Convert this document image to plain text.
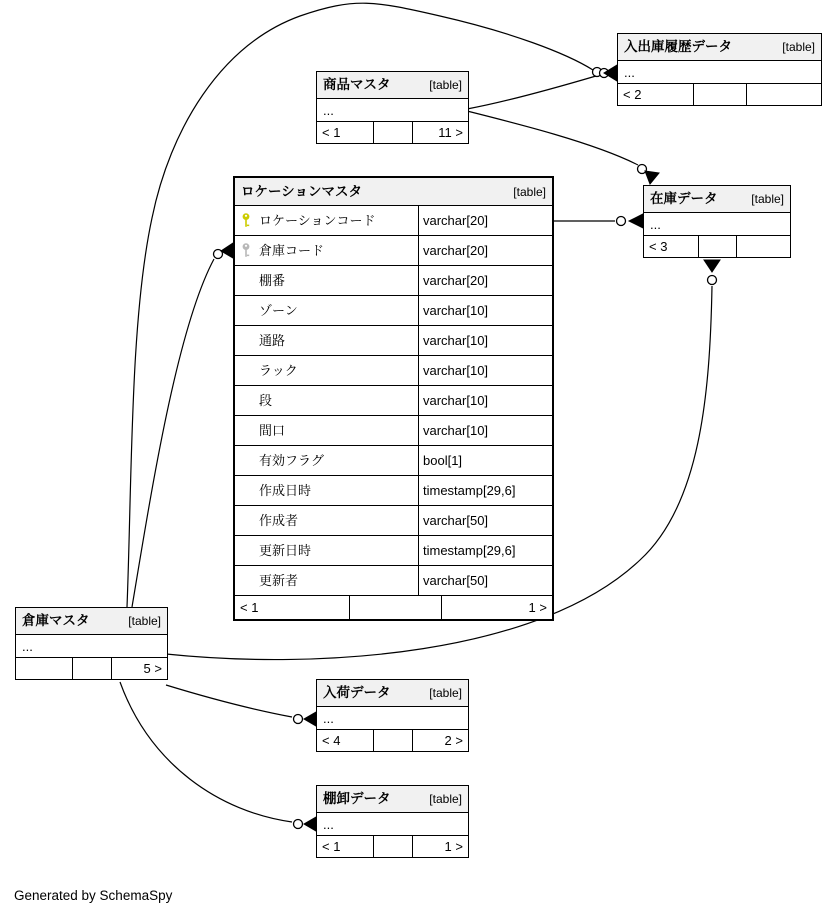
入出庫履歴データ	[table]
...
< 2
商品マスタ	[table]
...
< 1	11 >
在庫データ	[table]
...
< 3
ロケーションマスタ	[table]
ロケーションコード	varchar[20]
倉庫コード	varchar[20]
棚番	varchar[20]
ゾーン	varchar[10]
通路	varchar[10]
ラック	varchar[10]
段	varchar[10]
間口	varchar[10]
有効フラグ	bool[1]
作成日時	timestamp[29,6]
作成者	varchar[50]
更新日時	timestamp[29,6]
更新者	varchar[50]
< 1	1 >
倉庫マスタ	[table]
...
5 >
入荷データ	[table]
...
< 4	2 >
棚卸データ	[table]
...
< 1	1 >
Generated by SchemaSpy
